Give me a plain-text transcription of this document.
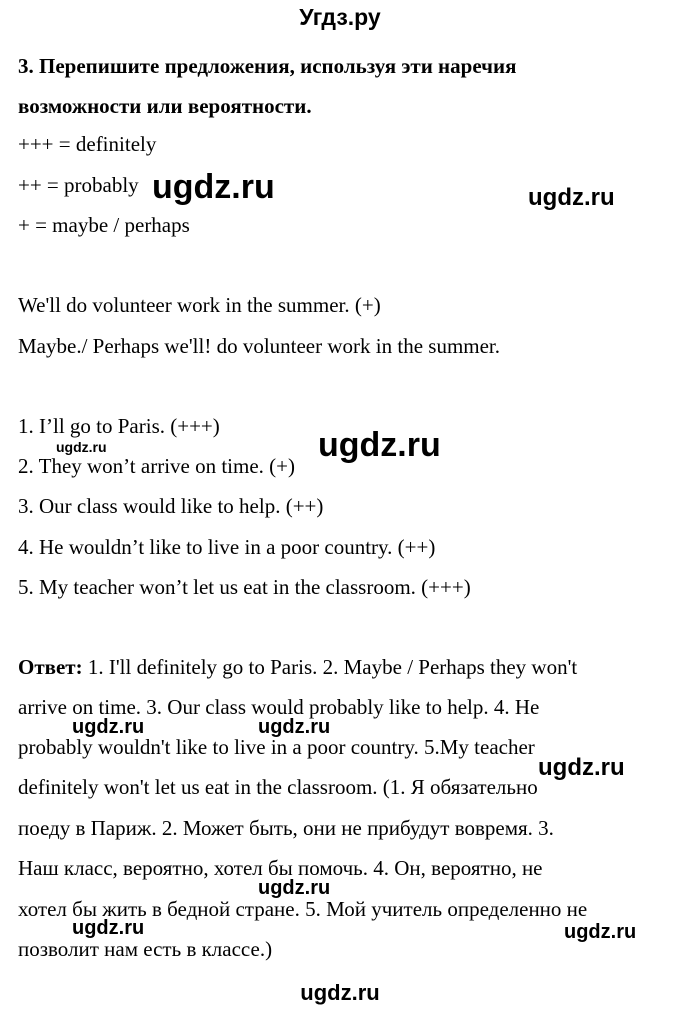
Угдз.ру
3. Перепишите предложения, используя эти наречия
возможности или вероятности.
+++ = definitely
++ = probably
+ = maybe / perhaps
We'll do volunteer work in the summer. (+)
Maybe./ Perhaps we'll! do volunteer work in the summer.
1. I’ll go to Paris. (+++)
2. They won’t arrive on time. (+)
3. Our class would like to help. (++)
4. He wouldn’t like to live in a poor country. (++)
5. My teacher won’t let us eat in the classroom. (+++)
Ответ: 1. I'll definitely go to Paris. 2. Maybe / Perhaps they won't
arrive on time. 3. Our class would probably like to help. 4. He
probably wouldn't like to live in a poor country. 5.My teacher
definitely won't let us eat in the classroom. (1. Я обязательно
поеду в Париж. 2. Может быть, они не прибудут вовремя. 3.
Наш класс, вероятно, хотел бы помочь. 4. Он, вероятно, не
хотел бы жить в бедной стране. 5. Мой учитель определенно не
позволит нам есть в классе.)
ugdz.ru	ugdz.ru
ugdz.ru	ugdz.ru
ugdz.ru	ugdz.ru
ugdz.ru
ugdz.ru
ugdz.ru	ugdz.ru
ugdz.ru
